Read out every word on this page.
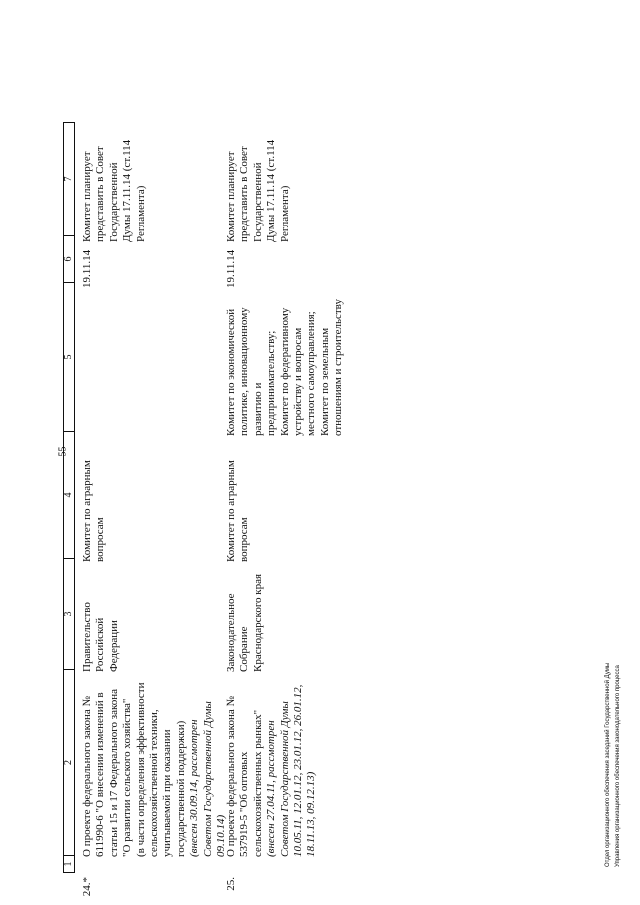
55
1
2
3
4
5
6
7
24.*
О проекте федерального закона № 611990-6 "О внесении изменений в статьи 15 и 17 Федерального закона "О развитии сельского хозяйства"
(в части определения эффективности сельскохозяйственной техники, учитываемой при оказании государственной поддержки)
(внесен 30.09.14, рассмотрен Советом Государственной Думы 09.10.14)
Правительство Российской Федерации
Комитет по аграрным вопросам
19.11.14
Комитет планирует представить в Совет Государственной Думы 17.11.14 (ст.114 Регламента)
25.
О проекте федерального закона № 537919-5 "Об оптовых сельскохозяйственных рынках"
(внесен 27.04.11, рассмотрен Советом Государственной Думы 10.05.11, 12.01.12, 23.01.12, 26.01.12, 18.11.13, 09.12.13)
Законодательное Собрание Краснодарского края
Комитет по аграрным вопросам
Комитет по экономической политике, инновационному развитию и предпринимательству; Комитет по федеративному устройству и вопросам местного самоуправления; Комитет по земельным отношениям и строительству
19.11.14
Комитет планирует представить в Совет Государственной Думы 17.11.14 (ст.114 Регламента)
Отдел организационного обеспечения заседаний Государственной Думы Управления организационного обеспечения законодательного процесса
